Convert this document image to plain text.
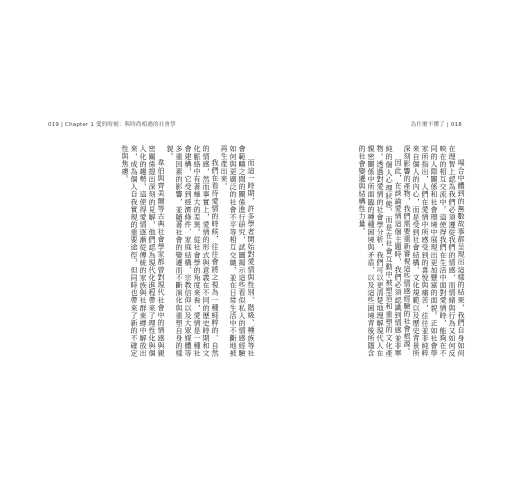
019 | Chapter 1 愛的時刻：與時尚相遇的社會學	為什麼不懂了 | 018

場合中體到的無數故事都呈現出這樣的結果，我們自身如何在理智上認為我們必須遵從我們的情感，而情緒與行為又如何反映在的相互交流中。這使得我們在生活中面對愛情時，能夠在不同的人際關係和社會環境中展現出更加豐富的面貌。正如社會學家所指出，人們在愛情中所感受到的喜悅與痛苦，往往並非純粹來自個人的內心，而是受到社會結構、文化規範以及歷史背景所深刻影響的產物，我們需要重新審視這些情感經驗的社會根源。

因此，在談論愛情這個主題時，我們必須認識到情感並非單純的個人心理狀態，而是在社會互動中被塑造和重塑的文化產物。透過對愛情的社會學分析，我們可以更清楚地理解現代人在親密關係中所面臨的種種困境與矛盾，以及這些困境背後所隱含的社會變遷與結構性力量。

而這一時期，許多學者開始對愛情與性別、階級、種族等社會範疇之間的關係進行研究，試圖揭示這些看似私人的情感經驗如何與更廣泛的社會不平等相互交織，並在日常生活中不斷地被再生產出來。

我們在看待愛情的時候，往往會將之視為一種純粹的、自然的情感，然而事實上，愛情的形式與意義在不同的歷史時期和文化脈絡中有著極大的差異。從社會學的角度來看，愛情是一種社會建構，它受到經濟條件、家庭結構、宗教信仰以及大眾媒體等多重因素的影響，並隨著社會的變遷而不斷演化與重塑自身的樣貌。

韋伯與齊美爾等古典社會學家都曾對現代社會中的情感與親密關係提出深刻的見解，他們認為現代化進程帶來了理性化與個人化的趨勢，這使得愛情逐漸從傳統的家族與社群束縛中解放出來，成為個人自我實現的重要途徑，但同時也帶來了新的不確定性與焦慮。
